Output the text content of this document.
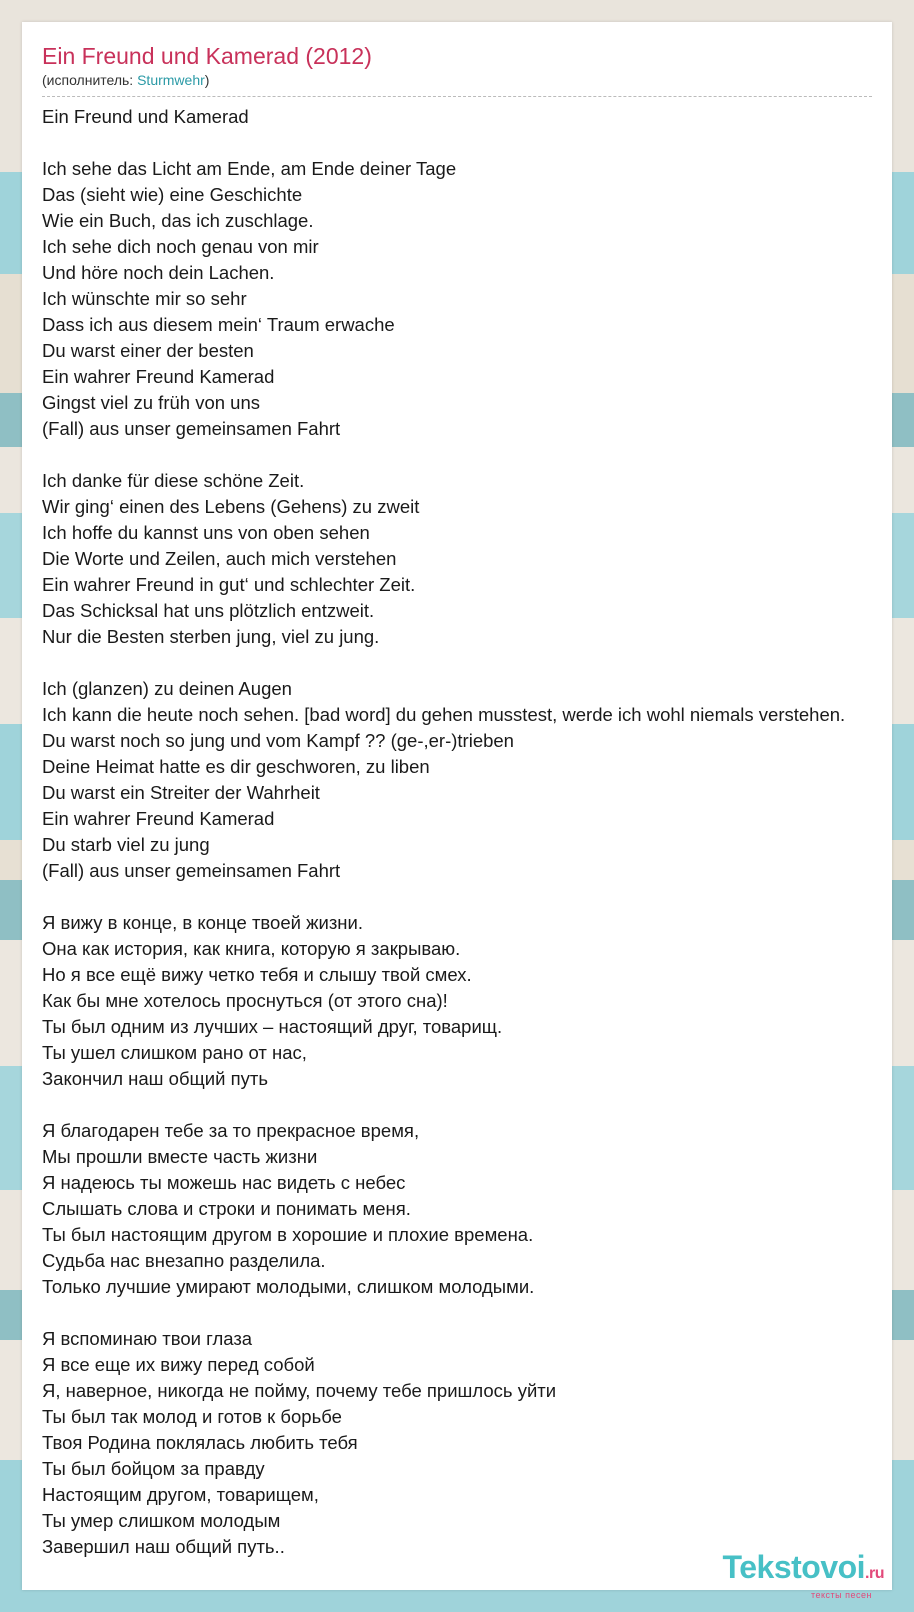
Ein Freund und Kamerad (2012)
(исполнитель: Sturmwehr)
Ein Freund und Kamerad
Ich sehe das Licht am Ende, am Ende deiner Tage
Das (sieht wie) eine Geschichte
Wie ein Buch, das ich zuschlage.
Ich sehe dich noch genau von mir
Und höre noch dein Lachen.
Ich wünschte mir so sehr
Dass ich aus diesem mein‘ Traum erwache
Du warst einer der besten
Ein wahrer Freund Kamerad
Gingst viel zu früh von uns
(Fall) aus unser gemeinsamen Fahrt
Ich danke für diese schöne Zeit.
Wir ging‘ einen des Lebens (Gehens) zu zweit
Ich hoffe du kannst uns von oben sehen
Die Worte und Zeilen, auch mich verstehen
Ein wahrer Freund in gut‘ und schlechter Zeit.
Das Schicksal hat uns plötzlich entzweit.
Nur die Besten sterben jung, viel zu jung.
Ich (glanzen) zu deinen Augen
Ich kann die heute noch sehen. [bad word] du gehen musstest, werde ich wohl niemals verstehen.
Du warst noch so jung und vom Kampf ?? (ge-,er-)trieben
Deine Heimat hatte es dir geschworen, zu liben
Du warst ein Streiter der Wahrheit
Ein wahrer Freund Kamerad
Du starb viel zu jung
(Fall) aus unser gemeinsamen Fahrt
Я вижу в конце, в конце твоей жизни.
Она как история, как книга, которую я закрываю.
Но я все ещё вижу четко тебя и слышу твой смех.
Как бы мне хотелось проснуться (от этого сна)!
Ты был одним из лучших – настоящий друг, товарищ.
Ты ушел слишком рано от нас,
Закончил наш общий путь
Я благодарен тебе за то прекрасное время,
Мы прошли вместе часть жизни
Я надеюсь ты можешь нас видеть с небес
Слышать слова и строки и понимать меня.
Ты был настоящим другом в хорошие и плохие времена.
Судьба нас внезапно разделила.
Только лучшие умирают молодыми, слишком молодыми.
Я вспоминаю твои глаза
Я все еще их вижу перед собой
Я, наверное, никогда не пойму, почему тебе пришлось уйти
Ты был так молод и готов к борьбе
Твоя Родина поклялась любить тебя
Ты был бойцом за правду
Настоящим другом, товарищем,
Ты умер слишком молодым
Завершил наш общий путь..
Tekstovoi.ru
тексты песен
